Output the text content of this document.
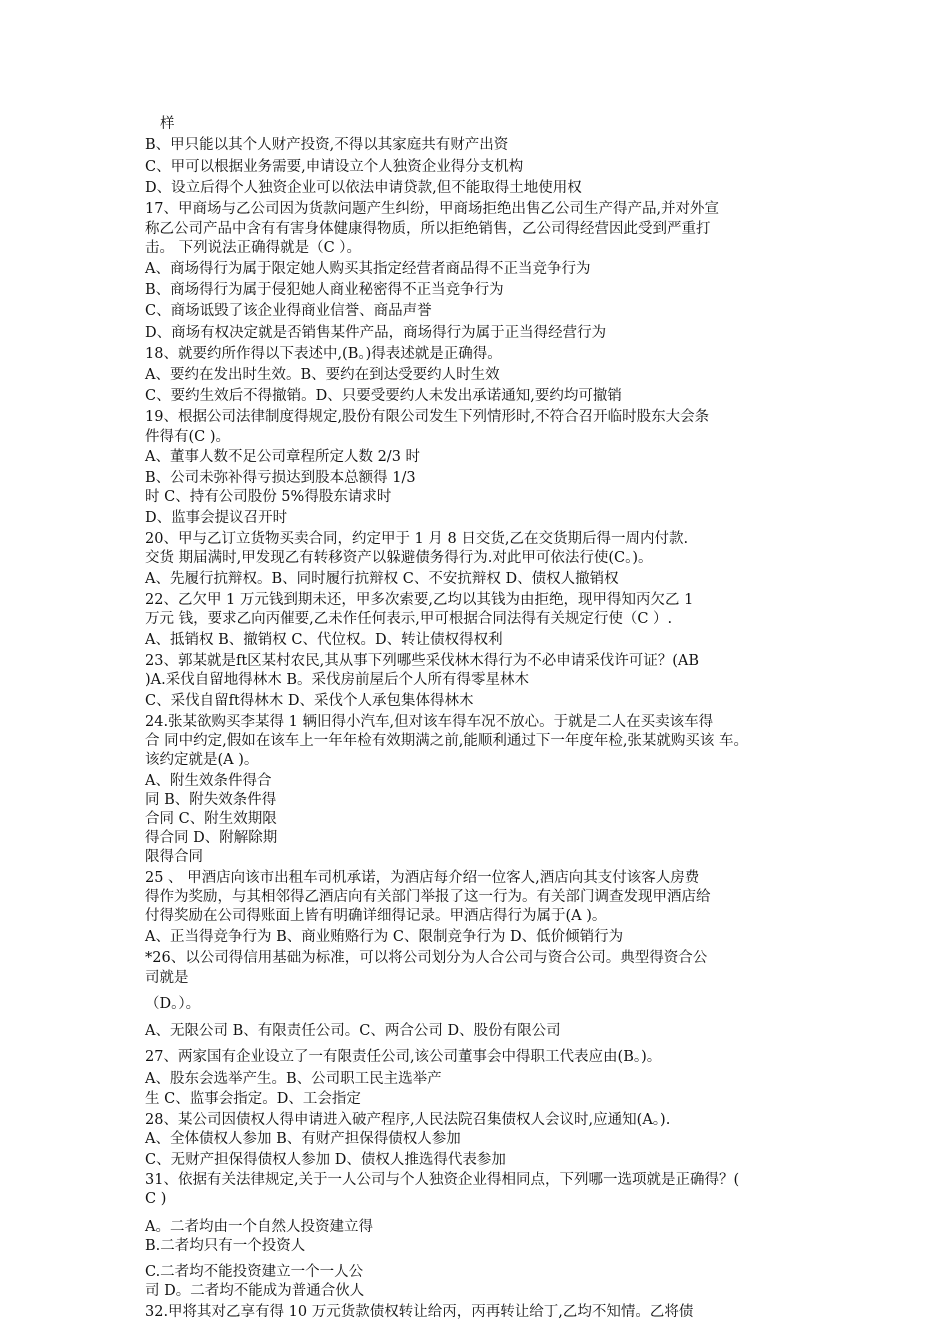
样
B、甲只能以其个人财产投资,不得以其家庭共有财产出资
C、甲可以根据业务需要,申请设立个人独资企业得分支机构
D、设立后得个人独资企业可以依法申请贷款,但不能取得土地使用权
17、甲商场与乙公司因为货款问题产生纠纷，甲商场拒绝出售乙公司生产得产品,并对外宣
称乙公司产品中含有有害身体健康得物质，所以拒绝销售，乙公司得经营因此受到严重打
击。 下列说法正确得就是（C ）。
A、商场得行为属于限定她人购买其指定经营者商品得不正当竞争行为
B、商场得行为属于侵犯她人商业秘密得不正当竞争行为
C、商场诋毁了该企业得商业信誉、商品声誉
D、商场有权决定就是否销售某件产品，商场得行为属于正当得经营行为
18、就要约所作得以下表述中,(B。)得表述就是正确得。
A、要约在发出时生效。B、要约在到达受要约人时生效
C、要约生效后不得撤销。D、只要受要约人未发出承诺通知,要约均可撤销
19、根据公司法律制度得规定,股份有限公司发生下列情形时,不符合召开临时股东大会条
件得有(C )。
A、董事人数不足公司章程所定人数 2/3 时
B、公司未弥补得亏损达到股本总额得 1/3
时 C、持有公司股份 5%得股东请求时
D、监事会提议召开时
20、甲与乙订立货物买卖合同，约定甲于 1 月 8 日交货,乙在交货期后得一周内付款.
交货 期届满时,甲发现乙有转移资产以躲避债务得行为.对此甲可依法行使(C。)。
A、先履行抗辩权。B、同时履行抗辩权 C、不安抗辩权 D、债权人撤销权
22、乙欠甲 1 万元钱到期未还，甲多次索要,乙均以其钱为由拒绝，现甲得知丙欠乙 1
万元 钱，要求乙向丙催要,乙未作任何表示,甲可根据合同法得有关规定行使（C ）.
A、抵销权 B、撤销权 C、代位权。D、转让债权得权利
23、郭某就是ft区某村农民,其从事下列哪些采伐林木得行为不必申请采伐许可证？(AB
)A.采伐自留地得林木 B。采伐房前屋后个人所有得零星林木
C、采伐自留ft得林木 D、采伐个人承包集体得林木
24.张某欲购买李某得 1 辆旧得小汽车,但对该车得车况不放心。于就是二人在买卖该车得
合 同中约定,假如在该车上一年年检有效期满之前,能顺利通过下一年度年检,张某就购买该 车。
该约定就是(A )。
A、附生效条件得合
同 B、附失效条件得
合同 C、附生效期限
得合同 D、附解除期
限得合同
25 、 甲酒店向该市出租车司机承诺，为酒店每介绍一位客人,酒店向其支付该客人房费
得作为奖励，与其相邻得乙酒店向有关部门举报了这一行为。有关部门调查发现甲酒店给
付得奖励在公司得账面上皆有明确详细得记录。甲酒店得行为属于(A )。
A、正当得竞争行为 B、商业贿赂行为 C、限制竞争行为 D、低价倾销行为
*26、以公司得信用基础为标准，可以将公司划分为人合公司与资合公司。典型得资合公
司就是
（D。）。
A、无限公司 B、有限责任公司。C、两合公司 D、股份有限公司
27、两家国有企业设立了一有限责任公司,该公司董事会中得职工代表应由(B。)。
A、股东会选举产生。B、公司职工民主选举产
生 C、监事会指定。D、工会指定
28、某公司因债权人得申请进入破产程序,人民法院召集债权人会议时,应通知(A。).
A、全体债权人参加 B、有财产担保得债权人参加
C、无财产担保得债权人参加 D、债权人推选得代表参加
31、依据有关法律规定,关于一人公司与个人独资企业得相同点，下列哪一选项就是正确得？(
C )
A。二者均由一个自然人投资建立得
B.二者均只有一个投资人
C.二者均不能投资建立一个一人公
司 D。二者均不能成为普通合伙人
32.甲将其对乙享有得 10 万元货款债权转让给丙，丙再转让给丁,乙均不知情。乙将债
